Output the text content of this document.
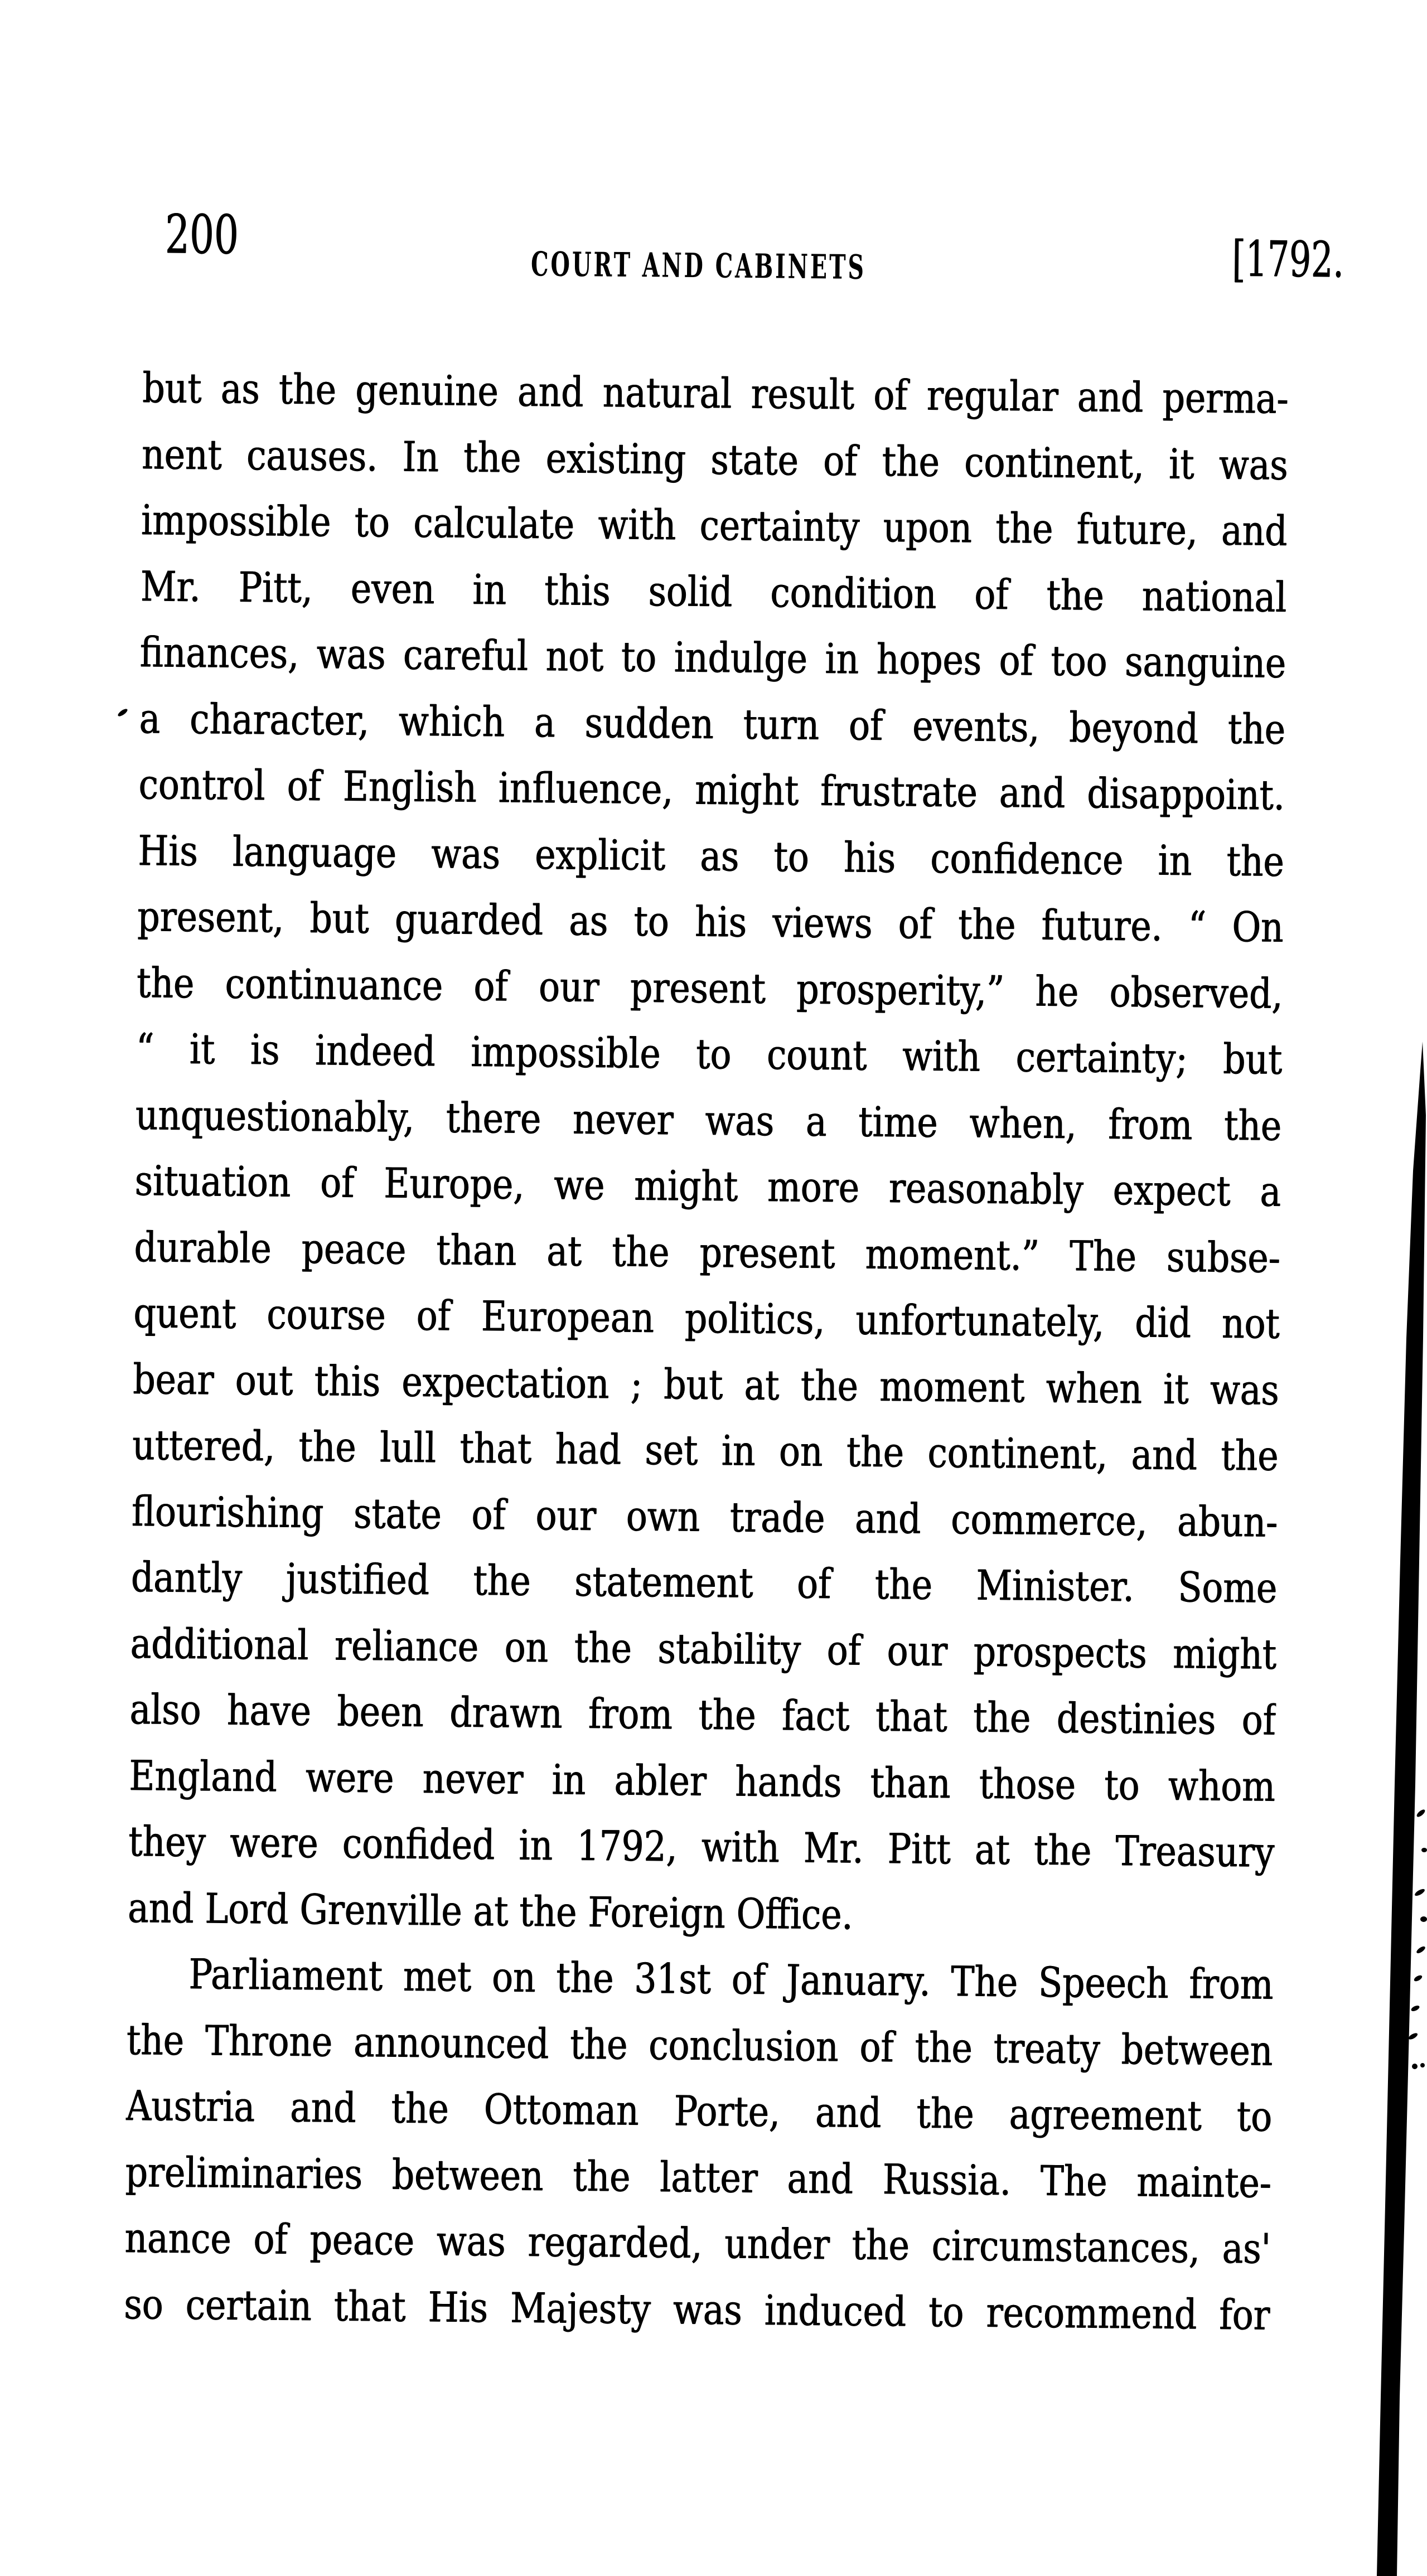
200	COURT AND CABINETS	[1792.
but as the genuine and natural result of regular and perma-
nent causes. In the existing state of the continent, it was
impossible to calculate with certainty upon the future, and
Mr. Pitt, even in this solid condition of the national
finances, was careful not to indulge in hopes of too sanguine
a character, which a sudden turn of events, beyond the
control of English influence, might frustrate and disappoint.
His language was explicit as to his confidence in the
present, but guarded as to his views of the future. “ On
the continuance of our present prosperity,” he observed,
“ it is indeed impossible to count with certainty; but
unquestionably, there never was a time when, from the
situation of Europe, we might more reasonably expect a
durable peace than at the present moment.” The subse-
quent course of European politics, unfortunately, did not
bear out this expectation ; but at the moment when it was
uttered, the lull that had set in on the continent, and the
flourishing state of our own trade and commerce, abun-
dantly justified the statement of the Minister. Some
additional reliance on the stability of our prospects might
also have been drawn from the fact that the destinies of
England were never in abler hands than those to whom
they were confided in 1792, with Mr. Pitt at the Treasury
and Lord Grenville at the Foreign Office.
Parliament met on the 31st of January. The Speech from
the Throne announced the conclusion of the treaty between
Austria and the Ottoman Porte, and the agreement to
preliminaries between the latter and Russia. The mainte-
nance of peace was regarded, under the circumstances, as'
so certain that His Majesty was induced to recommend for
